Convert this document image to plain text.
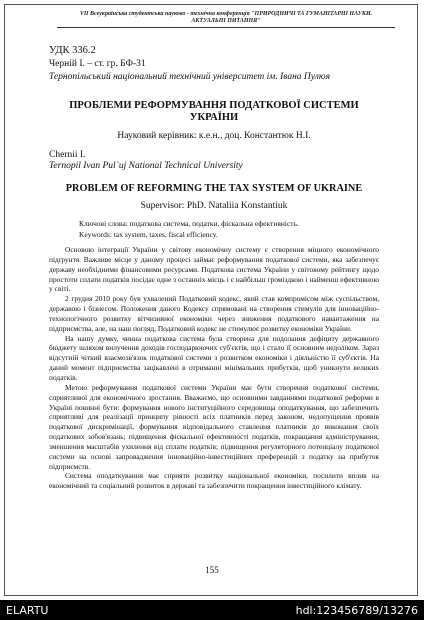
VII Всеукраїнська студентська науково - технічна конференція "ПРИРОДНИЧІ ТА ГУМАНІТАРНІ НАУКИ.
АКТУАЛЬНІ ПИТАННЯ"
УДК 336.2
Черній І. – ст. гр. БФ-31
Тернопільський національний технічний університет ім. Івана Пулюя
ПРОБЛЕМИ РЕФОРМУВАННЯ ПОДАТКОВОЇ СИСТЕМИ УКРАЇНИ
Науковий керівник: к.е.н., доц. Константюк Н.І.
Chernii I.
Ternopil Ivan Pul`uj National Technical University
PROBLEM OF REFORMING THE TAX SYSTEM OF UKRAINE
Supervisor: PhD. Nataliia Konstantiuk
Ключові слова: податкова система, податки, фіскальна ефективність.
Keywords: tax system, taxes, fiscal efficiency.

Основою інтеграції України у світову економічну систему є створення міцного економічного підґрунтя. Важливе місце у даному процесі займає реформування податкової системи, яка забезпечує державу необхідними фінансовими ресурсами. Податкова система України у світовому рейтингу щодо простоти сплати податків посідає одне з останніх місць і є найбільш громіздкою і найменш ефективною у світі.

2 грудня 2010 року був ухвалений Податковий кодекс, який став компромісом між суспільством, державою і бізнесом. Положення даного Кодексу спрямовані на створення стимулів для інноваційно-технологічного розвитку вітчизняної економіки через зниження податкового навантаження на підприємства, але, на наш погляд, Податковий кодекс не стимулює розвитку економіки України.

На нашу думку, чинна податкова система була створена для подолання дефіциту державного бюджету шляхом вилучення доходів господарюючих суб'єктів, що і стало її основним недоліком. Зараз відсутній чіткий взаємозв'язок податкової системи з розвитком економіки і діяльністю її суб'єктів. На даний момент підприємства зацікавлені в отриманні мінімальних прибутків, щоб уникнути великих податків.

Метою реформування податкової системи України має бути створення податкової системи, сприятливої для економічного зростання. Вважаємо, що основними завданнями податкової реформи в Україні повинні бути: формування нового інституційного середовища оподаткування, що забезпечить сприятливі для реалізації принципу рівності всіх платників перед законом, недопущення проявів податкової дискримінації, формування відповідального ставлення платників до виконання своїх податкових зобов'язань; підвищення фіскальної ефективності податків, покращання адміністрування, зменшення масштабів ухилення від сплати податків; підвищення регуляторного потенціалу податкової системи на основі запровадження інноваційно-інвестиційних преференцій з податку на прибуток підприємств.

Система оподаткування має сприяти розвитку національної економіки, посилити вплив на економічний та соціальний розвиток в державі та забезпечити покращення інвестиційного клімату.

155
ELARTU	hdl:123456789/13276
